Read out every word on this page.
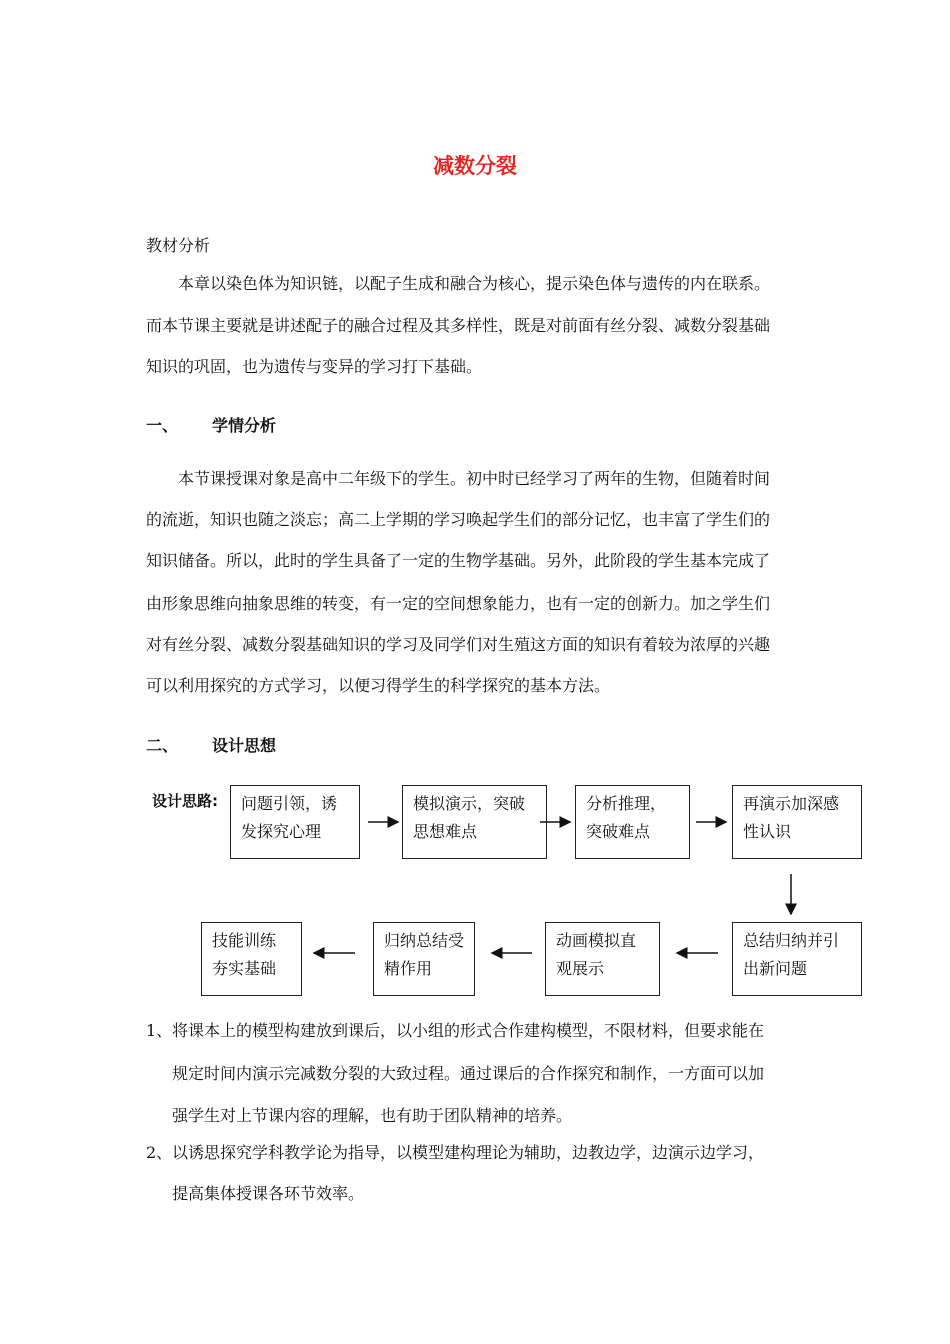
减数分裂
教材分析
本章以染色体为知识链，以配子生成和融合为核心，提示染色体与遗传的内在联系。
而本节课主要就是讲述配子的融合过程及其多样性，既是对前面有丝分裂、减数分裂基础
知识的巩固，也为遗传与变异的学习打下基础。
一、 学情分析
本节课授课对象是高中二年级下的学生。初中时已经学习了两年的生物，但随着时间
的流逝，知识也随之淡忘；高二上学期的学习唤起学生们的部分记忆，也丰富了学生们的
知识储备。所以，此时的学生具备了一定的生物学基础。另外，此阶段的学生基本完成了
由形象思维向抽象思维的转变，有一定的空间想象能力，也有一定的创新力。加之学生们
对有丝分裂、减数分裂基础知识的学习及同学们对生殖这方面的知识有着较为浓厚的兴趣
可以利用探究的方式学习，以便习得学生的科学探究的基本方法。
二、 设计思想
设计思路:	问题引领，诱发探究心理
模拟演示，突破思想难点
分析推理，突破难点
再演示加深感性认识
总结归纳并引出新问题
动画模拟直观展示
归纳总结受精作用
技能训练夯实基础
1、 将课本上的模型构建放到课后，以小组的形式合作建构模型，不限材料，但要求能在
规定时间内演示完减数分裂的大致过程。通过课后的合作探究和制作，一方面可以加
强学生对上节课内容的理解，也有助于团队精神的培养。
2、 以诱思探究学科教学论为指导，以模型建构理论为辅助，边教边学，边演示边学习，
提高集体授课各环节效率。
